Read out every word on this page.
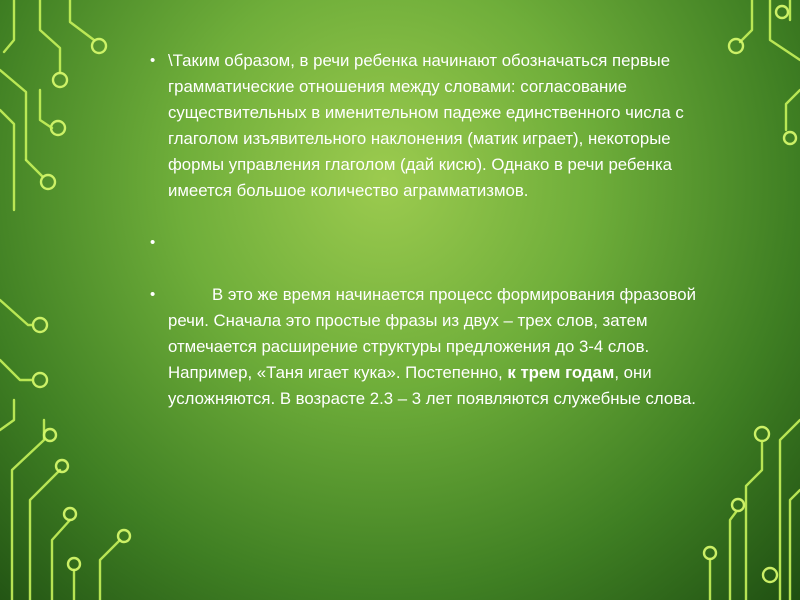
• \Таким образом, в речи ребенка начинают обозначаться первые грамматические отношения между словами: согласование существительных в именительном падеже единственного числа с глаголом изъявительного наклонения (матик играет), некоторые формы управления глаголом (дай кисю). Однако в речи ребенка имеется большое количество аграмматизмов.
•
•	В это же время начинается процесс формирования фразовой речи. Сначала это простые фразы из двух – трех слов, затем отмечается расширение структуры предложения до 3-4 слов. Например, «Таня игает кука». Постепенно, к трем годам, они усложняются. В возрасте 2.3 – 3 лет появляются служебные слова.
